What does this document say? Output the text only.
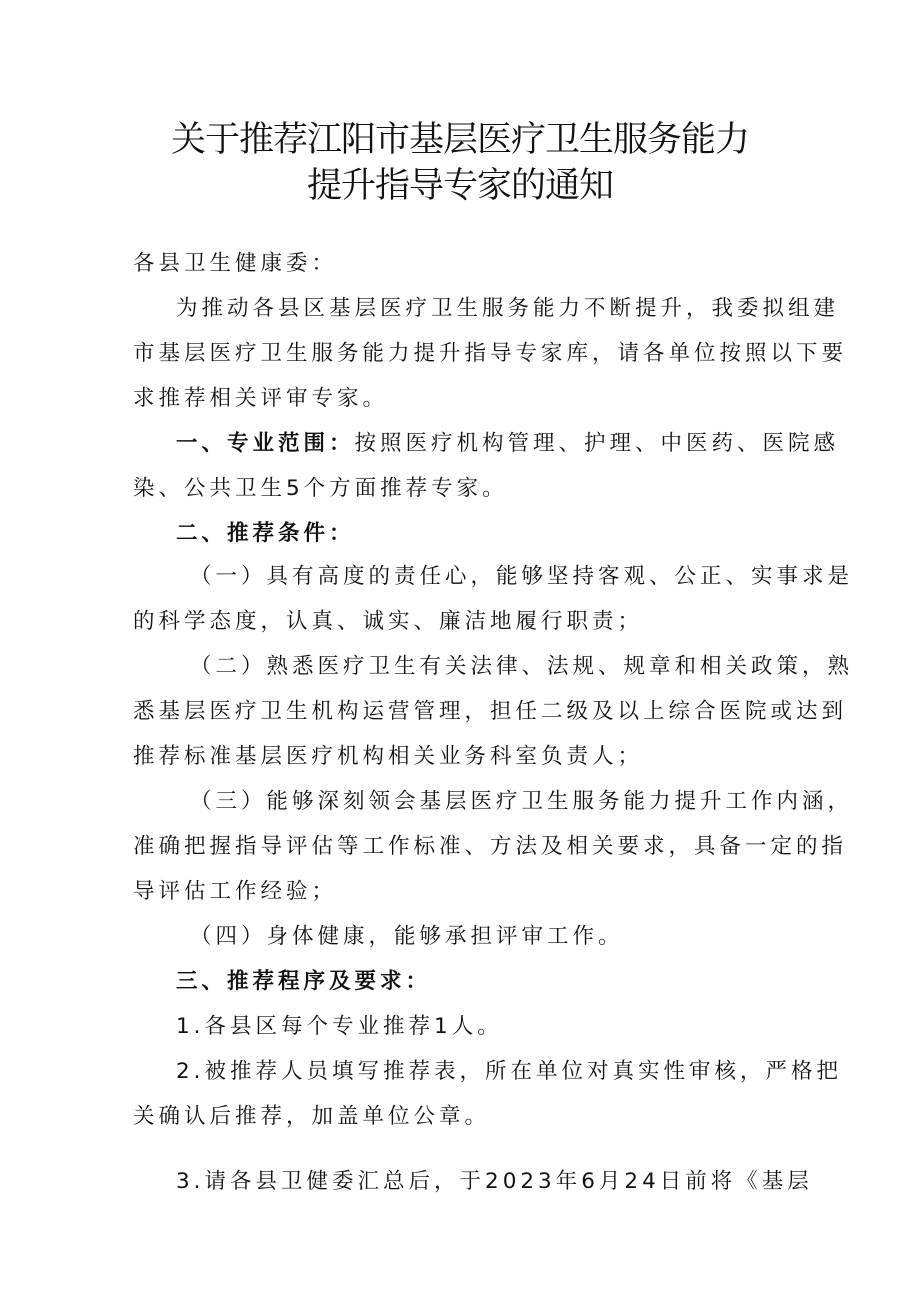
关于推荐江阳市基层医疗卫生服务能力
提升指导专家的通知
各县卫生健康委：
为推动各县区基层医疗卫生服务能力不断提升，我委拟组建
市基层医疗卫生服务能力提升指导专家库，请各单位按照以下要
求推荐相关评审专家。
一、专业范围：按照医疗机构管理、护理、中医药、医院感
染、公共卫生5个方面推荐专家。
二、推荐条件：
（一）具有高度的责任心，能够坚持客观、公正、实事求是
的科学态度，认真、诚实、廉洁地履行职责；
（二）熟悉医疗卫生有关法律、法规、规章和相关政策，熟
悉基层医疗卫生机构运营管理，担任二级及以上综合医院或达到
推荐标准基层医疗机构相关业务科室负责人；
（三）能够深刻领会基层医疗卫生服务能力提升工作内涵，
准确把握指导评估等工作标准、方法及相关要求，具备一定的指
导评估工作经验；
（四）身体健康，能够承担评审工作。
三、推荐程序及要求：
1.各县区每个专业推荐1人。
2.被推荐人员填写推荐表，所在单位对真实性审核，严格把
关确认后推荐，加盖单位公章。
3.请各县卫健委汇总后，于2023年6月24日前将《基层
